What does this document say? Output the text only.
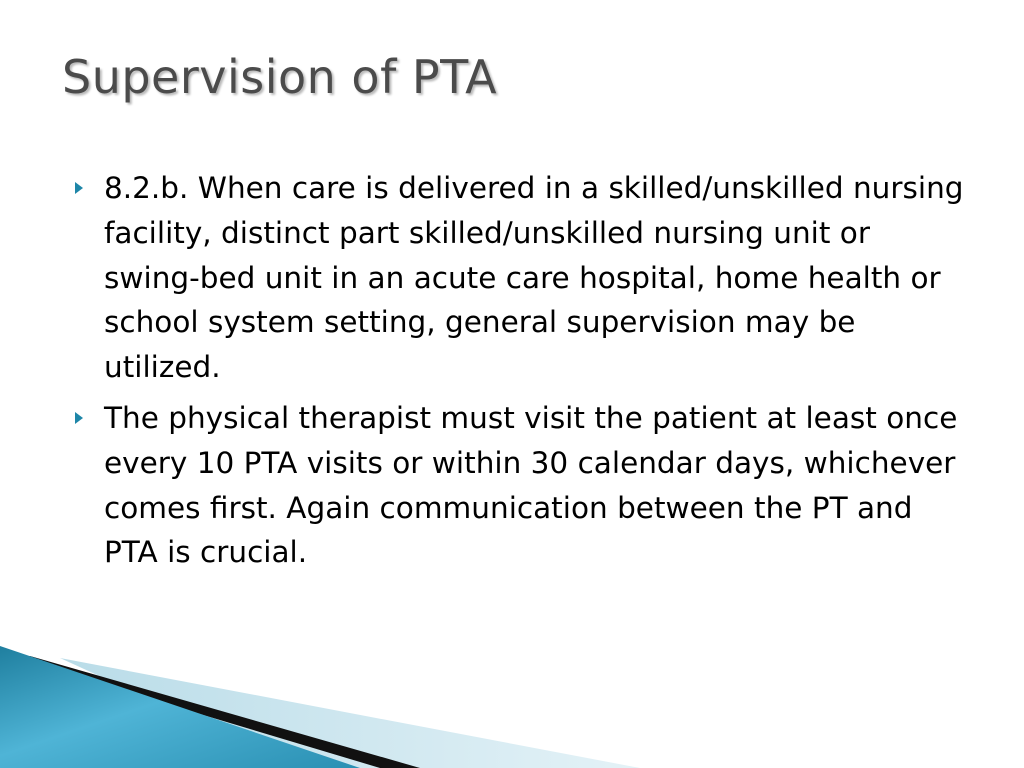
Supervision of PTA
8.2.b. When care is delivered in a skilled/unskilled nursing facility, distinct part skilled/unskilled nursing unit or swing-bed unit in an acute care hospital, home health or school system setting, general supervision may be utilized.
The physical therapist must visit the patient at least once every 10 PTA visits or within 30 calendar days, whichever comes first. Again communication between the PT and PTA is crucial.
